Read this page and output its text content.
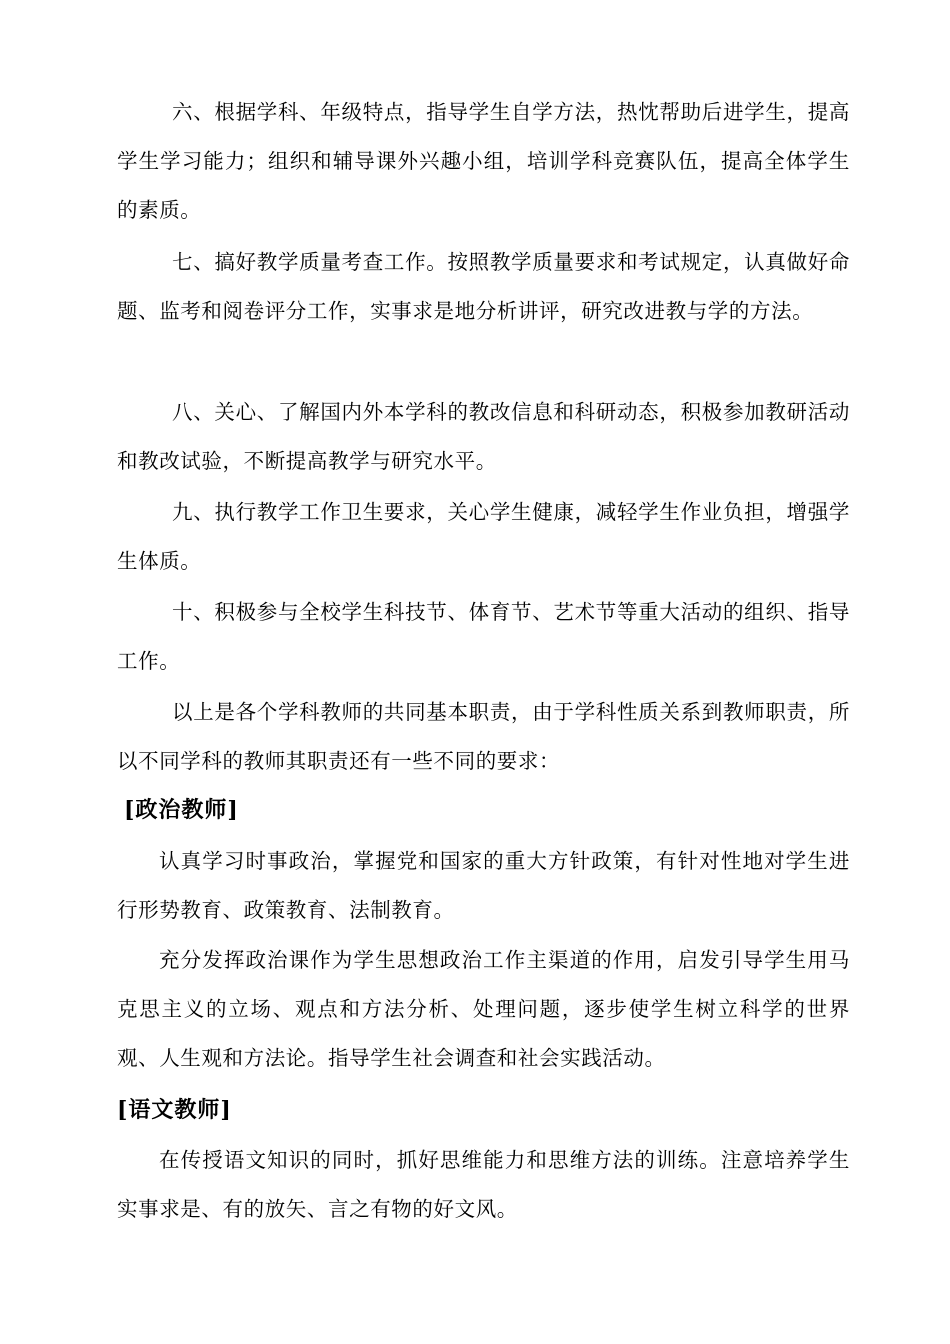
六、根据学科、年级特点，指导学生自学方法，热忱帮助后进学生，提高学生学习能力；组织和辅导课外兴趣小组，培训学科竞赛队伍，提高全体学生的素质。

七、搞好教学质量考查工作。按照教学质量要求和考试规定，认真做好命题、监考和阅卷评分工作，实事求是地分析讲评，研究改进教与学的方法。

八、关心、了解国内外本学科的教改信息和科研动态，积极参加教研活动和教改试验，不断提高教学与研究水平。

九、执行教学工作卫生要求，关心学生健康，减轻学生作业负担，增强学生体质。

十、积极参与全校学生科技节、体育节、艺术节等重大活动的组织、指导工作。

以上是各个学科教师的共同基本职责，由于学科性质关系到教师职责，所以不同学科的教师其职责还有一些不同的要求：

[政治教师]

认真学习时事政治，掌握党和国家的重大方针政策，有针对性地对学生进行形势教育、政策教育、法制教育。

充分发挥政治课作为学生思想政治工作主渠道的作用，启发引导学生用马克思主义的立场、观点和方法分析、处理问题，逐步使学生树立科学的世界观、人生观和方法论。指导学生社会调查和社会实践活动。

[语文教师]

在传授语文知识的同时，抓好思维能力和思维方法的训练。注意培养学生实事求是、有的放矢、言之有物的好文风。
